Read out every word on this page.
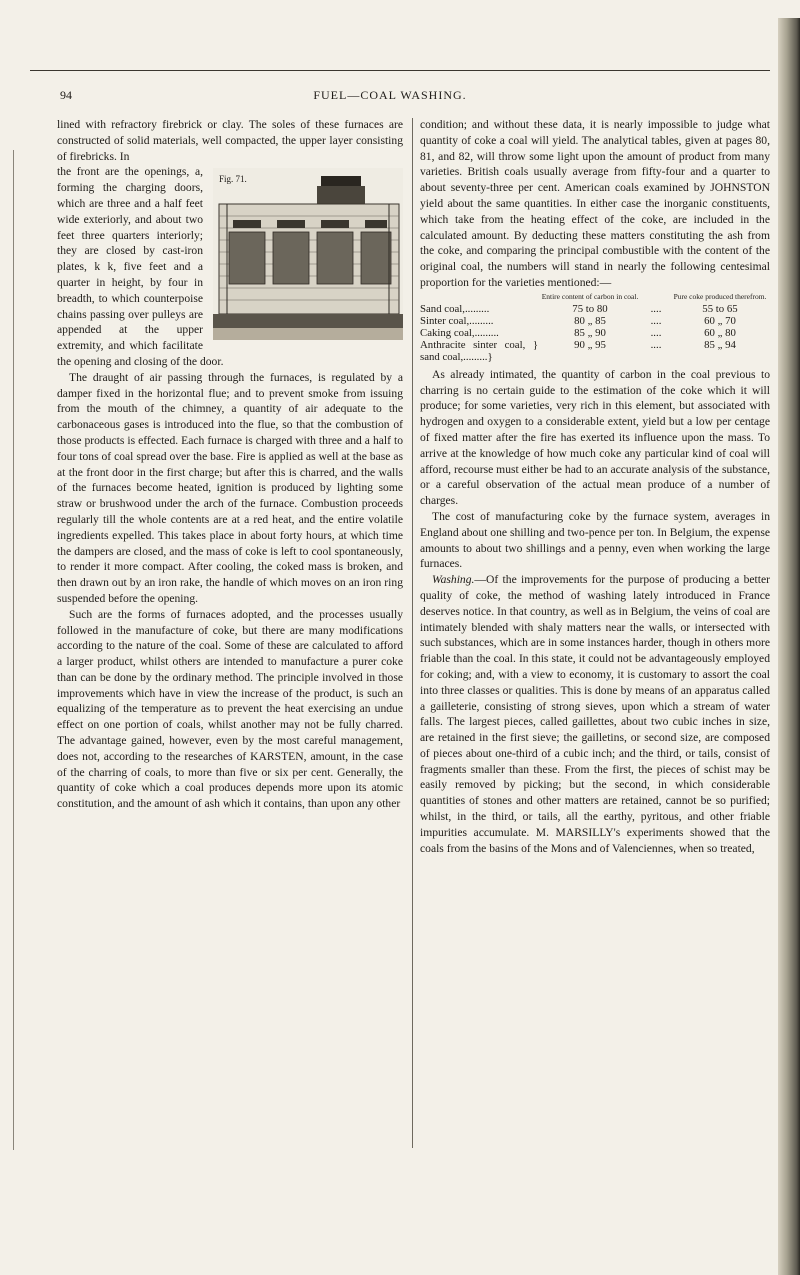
94	FUEL—COAL WASHING.

lined with refractory firebrick or clay. The soles of these furnaces are constructed of solid materials, well compacted, the upper layer consisting of firebricks. In

Fig. 71.

the front are the openings, a, forming the charging doors, which are three and a half feet wide exteriorly, and about two feet three quarters interiorly; they are closed by cast-iron plates, k k, five feet and a quarter in height, by four in breadth, to which counterpoise chains passing over pulleys are appended at the upper extremity, and which facilitate the opening and closing of the door.

The draught of air passing through the furnaces, is regulated by a damper fixed in the horizontal flue; and to prevent smoke from issuing from the mouth of the chimney, a quantity of air adequate to the carbonaceous gases is introduced into the flue, so that the combustion of those products is effected. Each furnace is charged with three and a half to four tons of coal spread over the base. Fire is applied as well at the base as at the front door in the first charge; but after this is charred, and the walls of the furnaces become heated, ignition is produced by lighting some straw or brushwood under the arch of the furnace. Combustion proceeds regularly till the whole contents are at a red heat, and the entire volatile ingredients expelled. This takes place in about forty hours, at which time the dampers are closed, and the mass of coke is left to cool spontaneously, to render it more compact. After cooling, the coked mass is broken, and then drawn out by an iron rake, the handle of which moves on an iron ring suspended before the opening.

Such are the forms of furnaces adopted, and the processes usually followed in the manufacture of coke, but there are many modifications according to the nature of the coal. Some of these are calculated to afford a larger product, whilst others are intended to manufacture a purer coke than can be done by the ordinary method. The principle involved in those improvements which have in view the increase of the product, is such an equalizing of the temperature as to prevent the heat exercising an undue effect on one portion of coals, whilst another may not be fully charred. The advantage gained, however, even by the most careful management, does not, according to the researches of KARSTEN, amount, in the case of the charring of coals, to more than five or six per cent. Generally, the quantity of coke which a coal produces depends more upon its atomic constitution, and the amount of ash which it contains, than upon any other

condition; and without these data, it is nearly impossible to judge what quantity of coke a coal will yield. The analytical tables, given at pages 80, 81, and 82, will throw some light upon the amount of product from many varieties. British coals usually average from fifty-four and a quarter to about seventy-three per cent. American coals examined by JOHNSTON yield about the same quantities. In either case the inorganic constituents, which take from the heating effect of the coke, are included in the calculated amount. By deducting these matters constituting the ash from the coke, and comparing the principal combustible with the content of the original coal, the numbers will stand in nearly the following centesimal proportion for the varieties mentioned:—

	Entire content of carbon in coal.		Pure coke produced therefrom.
Sand coal,.........	75 to 80	....	55 to 65
Sinter coal,.........	80 „ 85	....	60 „ 70
Caking coal,.........	85 „ 90	....	60 „ 80
Anthracite sinter coal, } sand coal,.........}	90 „ 95	....	85 „ 94

As already intimated, the quantity of carbon in the coal previous to charring is no certain guide to the estimation of the coke which it will produce; for some varieties, very rich in this element, but associated with hydrogen and oxygen to a considerable extent, yield but a low per centage of fixed matter after the fire has exerted its influence upon the mass. To arrive at the knowledge of how much coke any particular kind of coal will afford, recourse must either be had to an accurate analysis of the substance, or a careful observation of the actual mean produce of a number of charges.

The cost of manufacturing coke by the furnace system, averages in England about one shilling and two-pence per ton. In Belgium, the expense amounts to about two shillings and a penny, even when working the large furnaces.

Washing.—Of the improvements for the purpose of producing a better quality of coke, the method of washing lately introduced in France deserves notice. In that country, as well as in Belgium, the veins of coal are intimately blended with shaly matters near the walls, or intersected with such substances, which are in some instances harder, though in others more friable than the coal. In this state, it could not be advantageously employed for coking; and, with a view to economy, it is customary to assort the coal into three classes or qualities. This is done by means of an apparatus called a gailleterie, consisting of strong sieves, upon which a stream of water falls. The largest pieces, called gaillettes, about two cubic inches in size, are retained in the first sieve; the gailletins, or second size, are composed of pieces about one-third of a cubic inch; and the third, or tails, consist of fragments smaller than these. From the first, the pieces of schist may be easily removed by picking; but the second, in which considerable quantities of stones and other matters are retained, cannot be so purified; whilst, in the third, or tails, all the earthy, pyritous, and other friable impurities accumulate. M. MARSILLY's experiments showed that the coals from the basins of the Mons and of Valenciennes, when so treated,
